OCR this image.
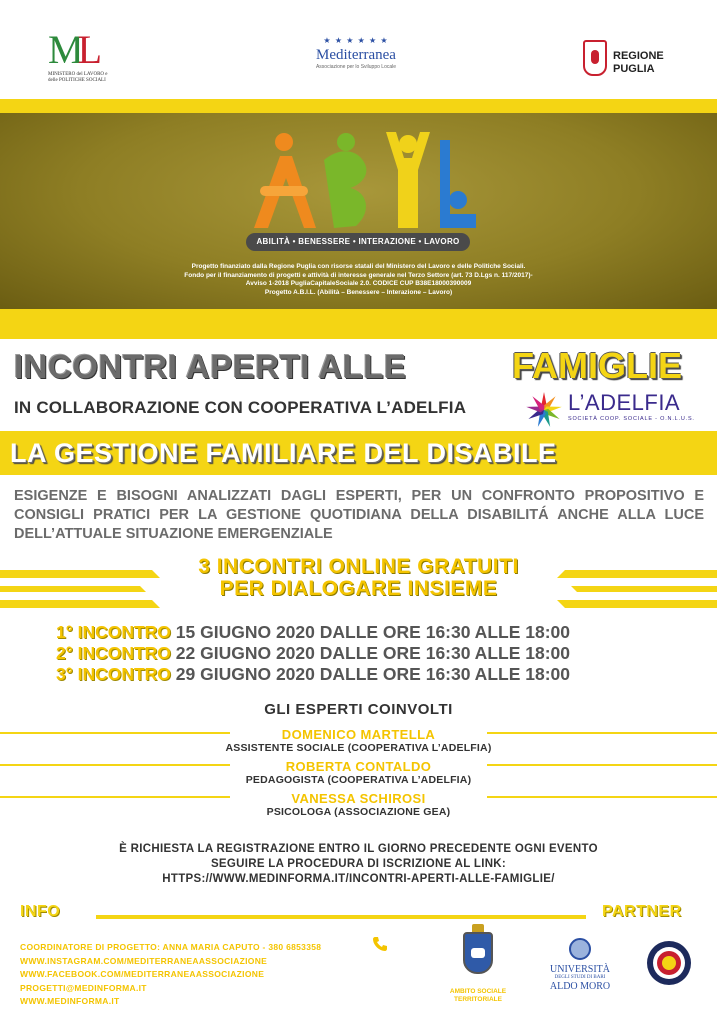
ML
MINISTERO del LAVORO e delle POLITICHE SOCIALI
★ ★ ★ ★ ★ ★
Mediterranea
Associazione per lo Sviluppo Locale
REGIONE
PUGLIA
ABILITÀ • BENESSERE • INTERAZIONE • LAVORO
Progetto finanziato dalla Regione Puglia con risorse statali del Ministero del Lavoro e delle Politiche Sociali.
Fondo per il finanziamento di progetti e attività di interesse generale nel Terzo Settore (art. 73 D.Lgs n. 117/2017)-
Avviso 1-2018 PugliaCapitaleSociale 2.0. CODICE CUP B38E18000390009
Progetto A.B.I.L. (Abilità – Benessere – Interazione – Lavoro)
INCONTRI APERTI ALLE	FAMIGLIE
IN COLLABORAZIONE CON COOPERATIVA L’ADELFIA	L’ADELFIA
SOCIETÀ COOP. SOCIALE - O.N.L.U.S.
LA GESTIONE FAMILIARE DEL DISABILE
ESIGENZE E BISOGNI ANALIZZATI DAGLI ESPERTI, PER UN CONFRONTO PROPOSITIVO E CONSIGLI PRATICI PER LA GESTIONE QUOTIDIANA DELLA DISABILITÁ ANCHE ALLA LUCE DELL’ATTUALE SITUAZIONE EMERGENZIALE
3 INCONTRI ONLINE GRATUITI
PER DIALOGARE INSIEME
1° INCONTRO 15 GIUGNO 2020 DALLE ORE 16:30 ALLE 18:00
2° INCONTRO 22 GIUGNO 2020 DALLE ORE 16:30 ALLE 18:00
3° INCONTRO 29 GIUGNO 2020 DALLE ORE 16:30 ALLE 18:00
GLI ESPERTI COINVOLTI
DOMENICO MARTELLA
ASSISTENTE SOCIALE (COOPERATIVA L’ADELFIA)
ROBERTA CONTALDO
PEDAGOGISTA (COOPERATIVA L’ADELFIA)
VANESSA SCHIROSI
PSICOLOGA (ASSOCIAZIONE GEA)
È RICHIESTA LA REGISTRAZIONE ENTRO IL GIORNO PRECEDENTE OGNI EVENTO
SEGUIRE LA PROCEDURA DI ISCRIZIONE AL LINK:
HTTPS://WWW.MEDINFORMA.IT/INCONTRI-APERTI-ALLE-FAMIGLIE/
INFO	PARTNER
COORDINATORE DI PROGETTO: ANNA MARIA CAPUTO - 380 6853358
WWW.INSTAGRAM.COM/MEDITERRANEAASSOCIAZIONE
WWW.FACEBOOK.COM/MEDITERRANEAASSOCIAZIONE
PROGETTI@MEDINFORMA.IT
WWW.MEDINFORMA.IT
AMBITO SOCIALE
TERRITORIALE
UNIVERSITÀ
DEGLI STUDI DI BARI
ALDO MORO
